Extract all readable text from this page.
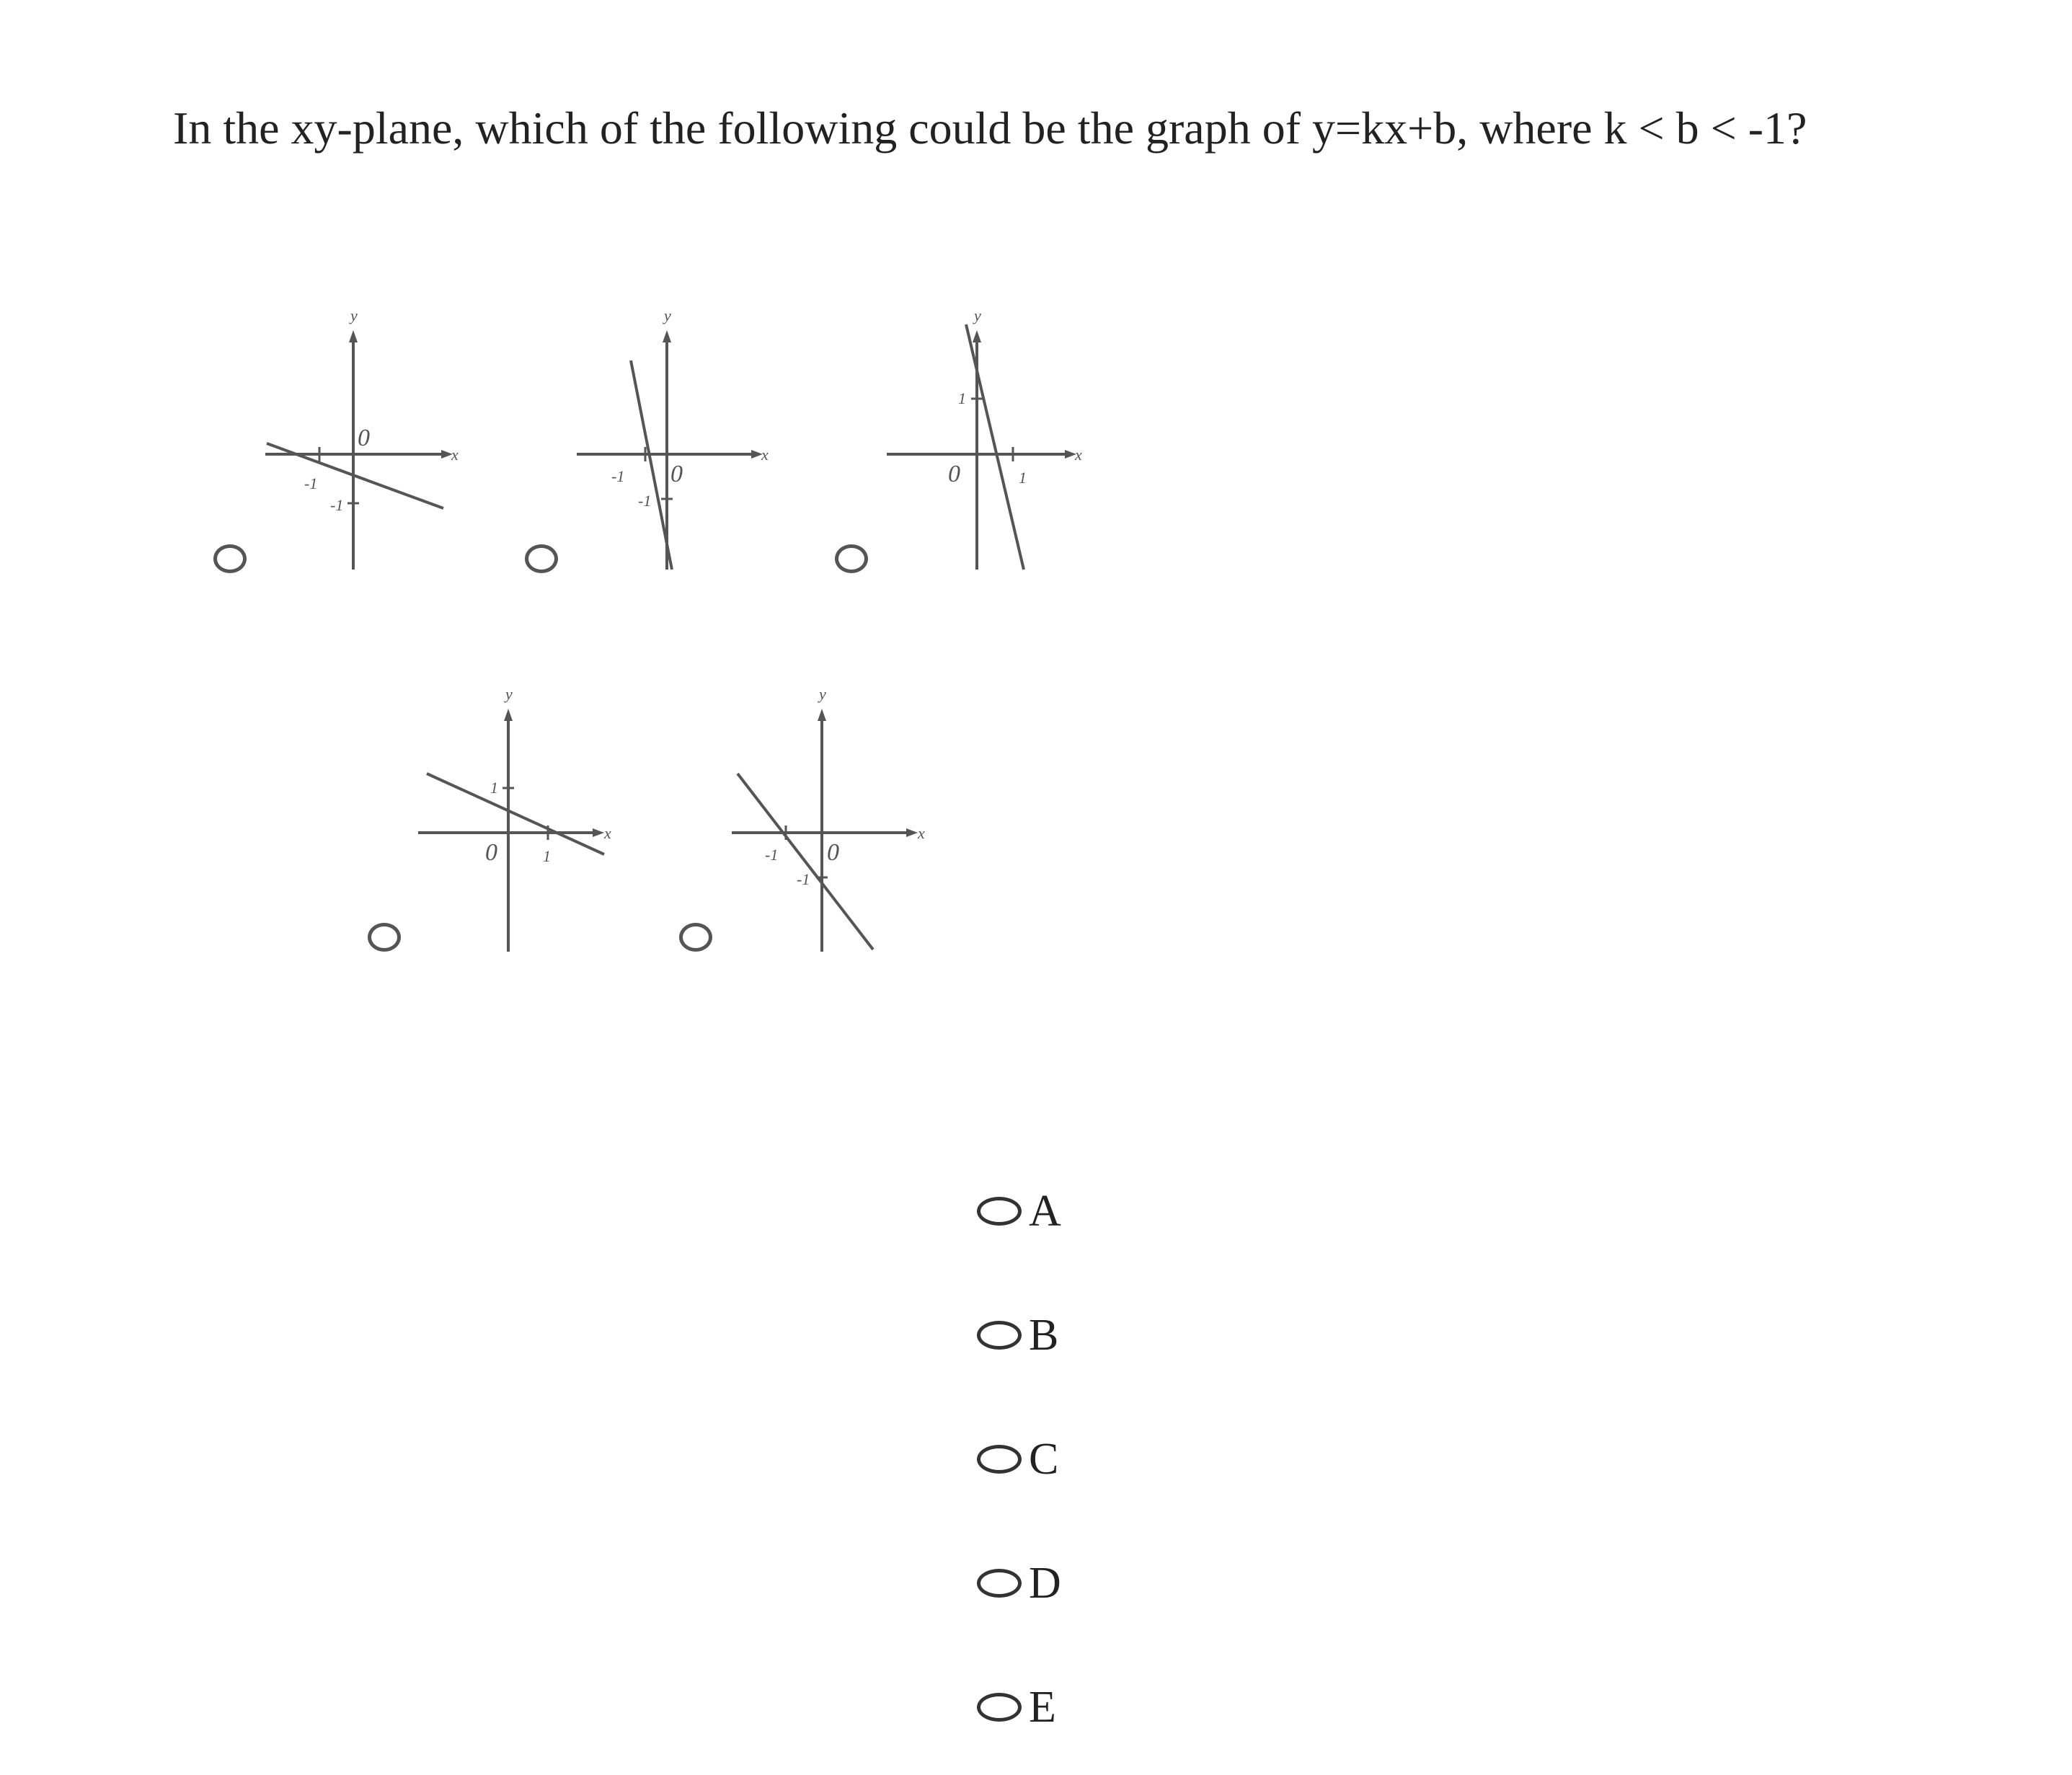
In the xy-plane, which of the following could be the graph of y=kx+b, where k < b < -1?
y
x
0
-1
-1
y
x
0
-1
-1
y
x
0	1
1
y
x
0	1
1
y
x
0
-1
-1
A
B
C
D
E
